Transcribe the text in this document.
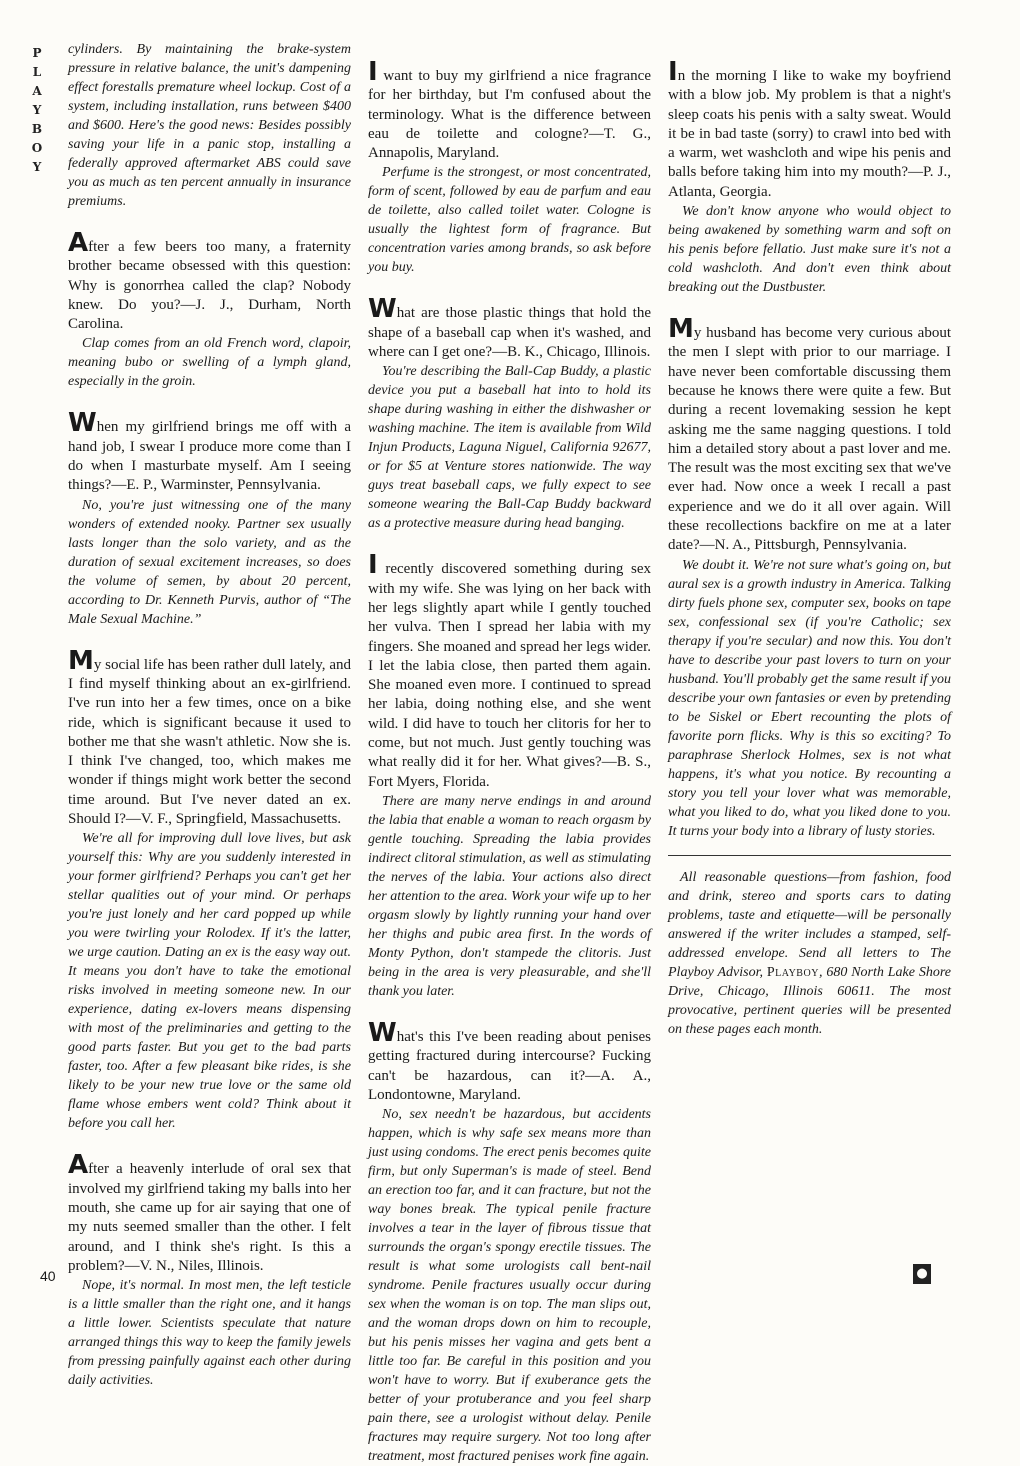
P
L
A
Y
B
O
Y

cylinders. By maintaining the brake-system pressure in relative balance, the unit's dampening effect forestalls premature wheel lockup. Cost of a system, including installation, runs between $400 and $600. Here's the good news: Besides possibly saving your life in a panic stop, installing a federally approved aftermarket ABS could save you as much as ten percent annually in insurance premiums.

After a few beers too many, a fraternity brother became obsessed with this question: Why is gonorrhea called the clap? Nobody knew. Do you?—J. J., Durham, North Carolina.

Clap comes from an old French word, clapoir, meaning bubo or swelling of a lymph gland, especially in the groin.

When my girlfriend brings me off with a hand job, I swear I produce more come than I do when I masturbate myself. Am I seeing things?—E. P., Warminster, Pennsylvania.

No, you're just witnessing one of the many wonders of extended nooky. Partner sex usually lasts longer than the solo variety, and as the duration of sexual excitement increases, so does the volume of semen, by about 20 percent, according to Dr. Kenneth Purvis, author of “The Male Sexual Machine.”

My social life has been rather dull lately, and I find myself thinking about an ex-girlfriend. I've run into her a few times, once on a bike ride, which is significant because it used to bother me that she wasn't athletic. Now she is. I think I've changed, too, which makes me wonder if things might work better the second time around. But I've never dated an ex. Should I?—V. F., Springfield, Massachusetts.

We're all for improving dull love lives, but ask yourself this: Why are you suddenly interested in your former girlfriend? Perhaps you can't get her stellar qualities out of your mind. Or perhaps you're just lonely and her card popped up while you were twirling your Rolodex. If it's the latter, we urge caution. Dating an ex is the easy way out. It means you don't have to take the emotional risks involved in meeting someone new. In our experience, dating ex-lovers means dispensing with most of the preliminaries and getting to the good parts faster. But you get to the bad parts faster, too. After a few pleasant bike rides, is she likely to be your new true love or the same old flame whose embers went cold? Think about it before you call her.

After a heavenly interlude of oral sex that involved my girlfriend taking my balls into her mouth, she came up for air saying that one of my nuts seemed smaller than the other. I felt around, and I think she's right. Is this a problem?—V. N., Niles, Illinois.

Nope, it's normal. In most men, the left testicle is a little smaller than the right one, and it hangs a little lower. Scientists speculate that nature arranged things this way to keep the family jewels from pressing painfully against each other during daily activities.

I want to buy my girlfriend a nice fragrance for her birthday, but I'm confused about the terminology. What is the difference between eau de toilette and cologne?—T. G., Annapolis, Maryland.

Perfume is the strongest, or most concentrated, form of scent, followed by eau de parfum and eau de toilette, also called toilet water. Cologne is usually the lightest form of fragrance. But concentration varies among brands, so ask before you buy.

What are those plastic things that hold the shape of a baseball cap when it's washed, and where can I get one?—B. K., Chicago, Illinois.

You're describing the Ball-Cap Buddy, a plastic device you put a baseball hat into to hold its shape during washing in either the dishwasher or washing machine. The item is available from Wild Injun Products, Laguna Niguel, California 92677, or for $5 at Venture stores nationwide. The way guys treat baseball caps, we fully expect to see someone wearing the Ball-Cap Buddy backward as a protective measure during head banging.

I recently discovered something during sex with my wife. She was lying on her back with her legs slightly apart while I gently touched her vulva. Then I spread her labia with my fingers. She moaned and spread her legs wider. I let the labia close, then parted them again. She moaned even more. I continued to spread her labia, doing nothing else, and she went wild. I did have to touch her clitoris for her to come, but not much. Just gently touching was what really did it for her. What gives?—B. S., Fort Myers, Florida.

There are many nerve endings in and around the labia that enable a woman to reach orgasm by gentle touching. Spreading the labia provides indirect clitoral stimulation, as well as stimulating the nerves of the labia. Your actions also direct her attention to the area. Work your wife up to her orgasm slowly by lightly running your hand over her thighs and pubic area first. In the words of Monty Python, don't stampede the clitoris. Just being in the area is very pleasurable, and she'll thank you later.

What's this I've been reading about penises getting fractured during intercourse? Fucking can't be hazardous, can it?—A. A., Londontowne, Maryland.

No, sex needn't be hazardous, but accidents happen, which is why safe sex means more than just using condoms. The erect penis becomes quite firm, but only Superman's is made of steel. Bend an erection too far, and it can fracture, but not the way bones break. The typical penile fracture involves a tear in the layer of fibrous tissue that surrounds the organ's spongy erectile tissues. The result is what some urologists call bent-nail syndrome. Penile fractures usually occur during sex when the woman is on top. The man slips out, and the woman drops down on him to recouple, but his penis misses her vagina and gets bent a little too far. Be careful in this position and you won't have to worry. But if exuberance gets the better of your protuberance and you feel sharp pain there, see a urologist without delay. Penile fractures may require surgery. Not too long after treatment, most fractured penises work fine again.

In the morning I like to wake my boyfriend with a blow job. My problem is that a night's sleep coats his penis with a salty sweat. Would it be in bad taste (sorry) to crawl into bed with a warm, wet washcloth and wipe his penis and balls before taking him into my mouth?—P. J., Atlanta, Georgia.

We don't know anyone who would object to being awakened by something warm and soft on his penis before fellatio. Just make sure it's not a cold washcloth. And don't even think about breaking out the Dustbuster.

My husband has become very curious about the men I slept with prior to our marriage. I have never been comfortable discussing them because he knows there were quite a few. But during a recent lovemaking session he kept asking me the same nagging questions. I told him a detailed story about a past lover and me. The result was the most exciting sex that we've ever had. Now once a week I recall a past experience and we do it all over again. Will these recollections backfire on me at a later date?—N. A., Pittsburgh, Pennsylvania.

We doubt it. We're not sure what's going on, but aural sex is a growth industry in America. Talking dirty fuels phone sex, computer sex, books on tape sex, confessional sex (if you're Catholic; sex therapy if you're secular) and now this. You don't have to describe your past lovers to turn on your husband. You'll probably get the same result if you describe your own fantasies or even by pretending to be Siskel or Ebert recounting the plots of favorite porn flicks. Why is this so exciting? To paraphrase Sherlock Holmes, sex is not what happens, it's what you notice. By recounting a story you tell your lover what was memorable, what you liked to do, what you liked done to you. It turns your body into a library of lusty stories.

All reasonable questions—from fashion, food and drink, stereo and sports cars to dating problems, taste and etiquette—will be personally answered if the writer includes a stamped, self-addressed envelope. Send all letters to The Playboy Advisor, Playboy, 680 North Lake Shore Drive, Chicago, Illinois 60611. The most provocative, pertinent queries will be presented on these pages each month.

40	●
